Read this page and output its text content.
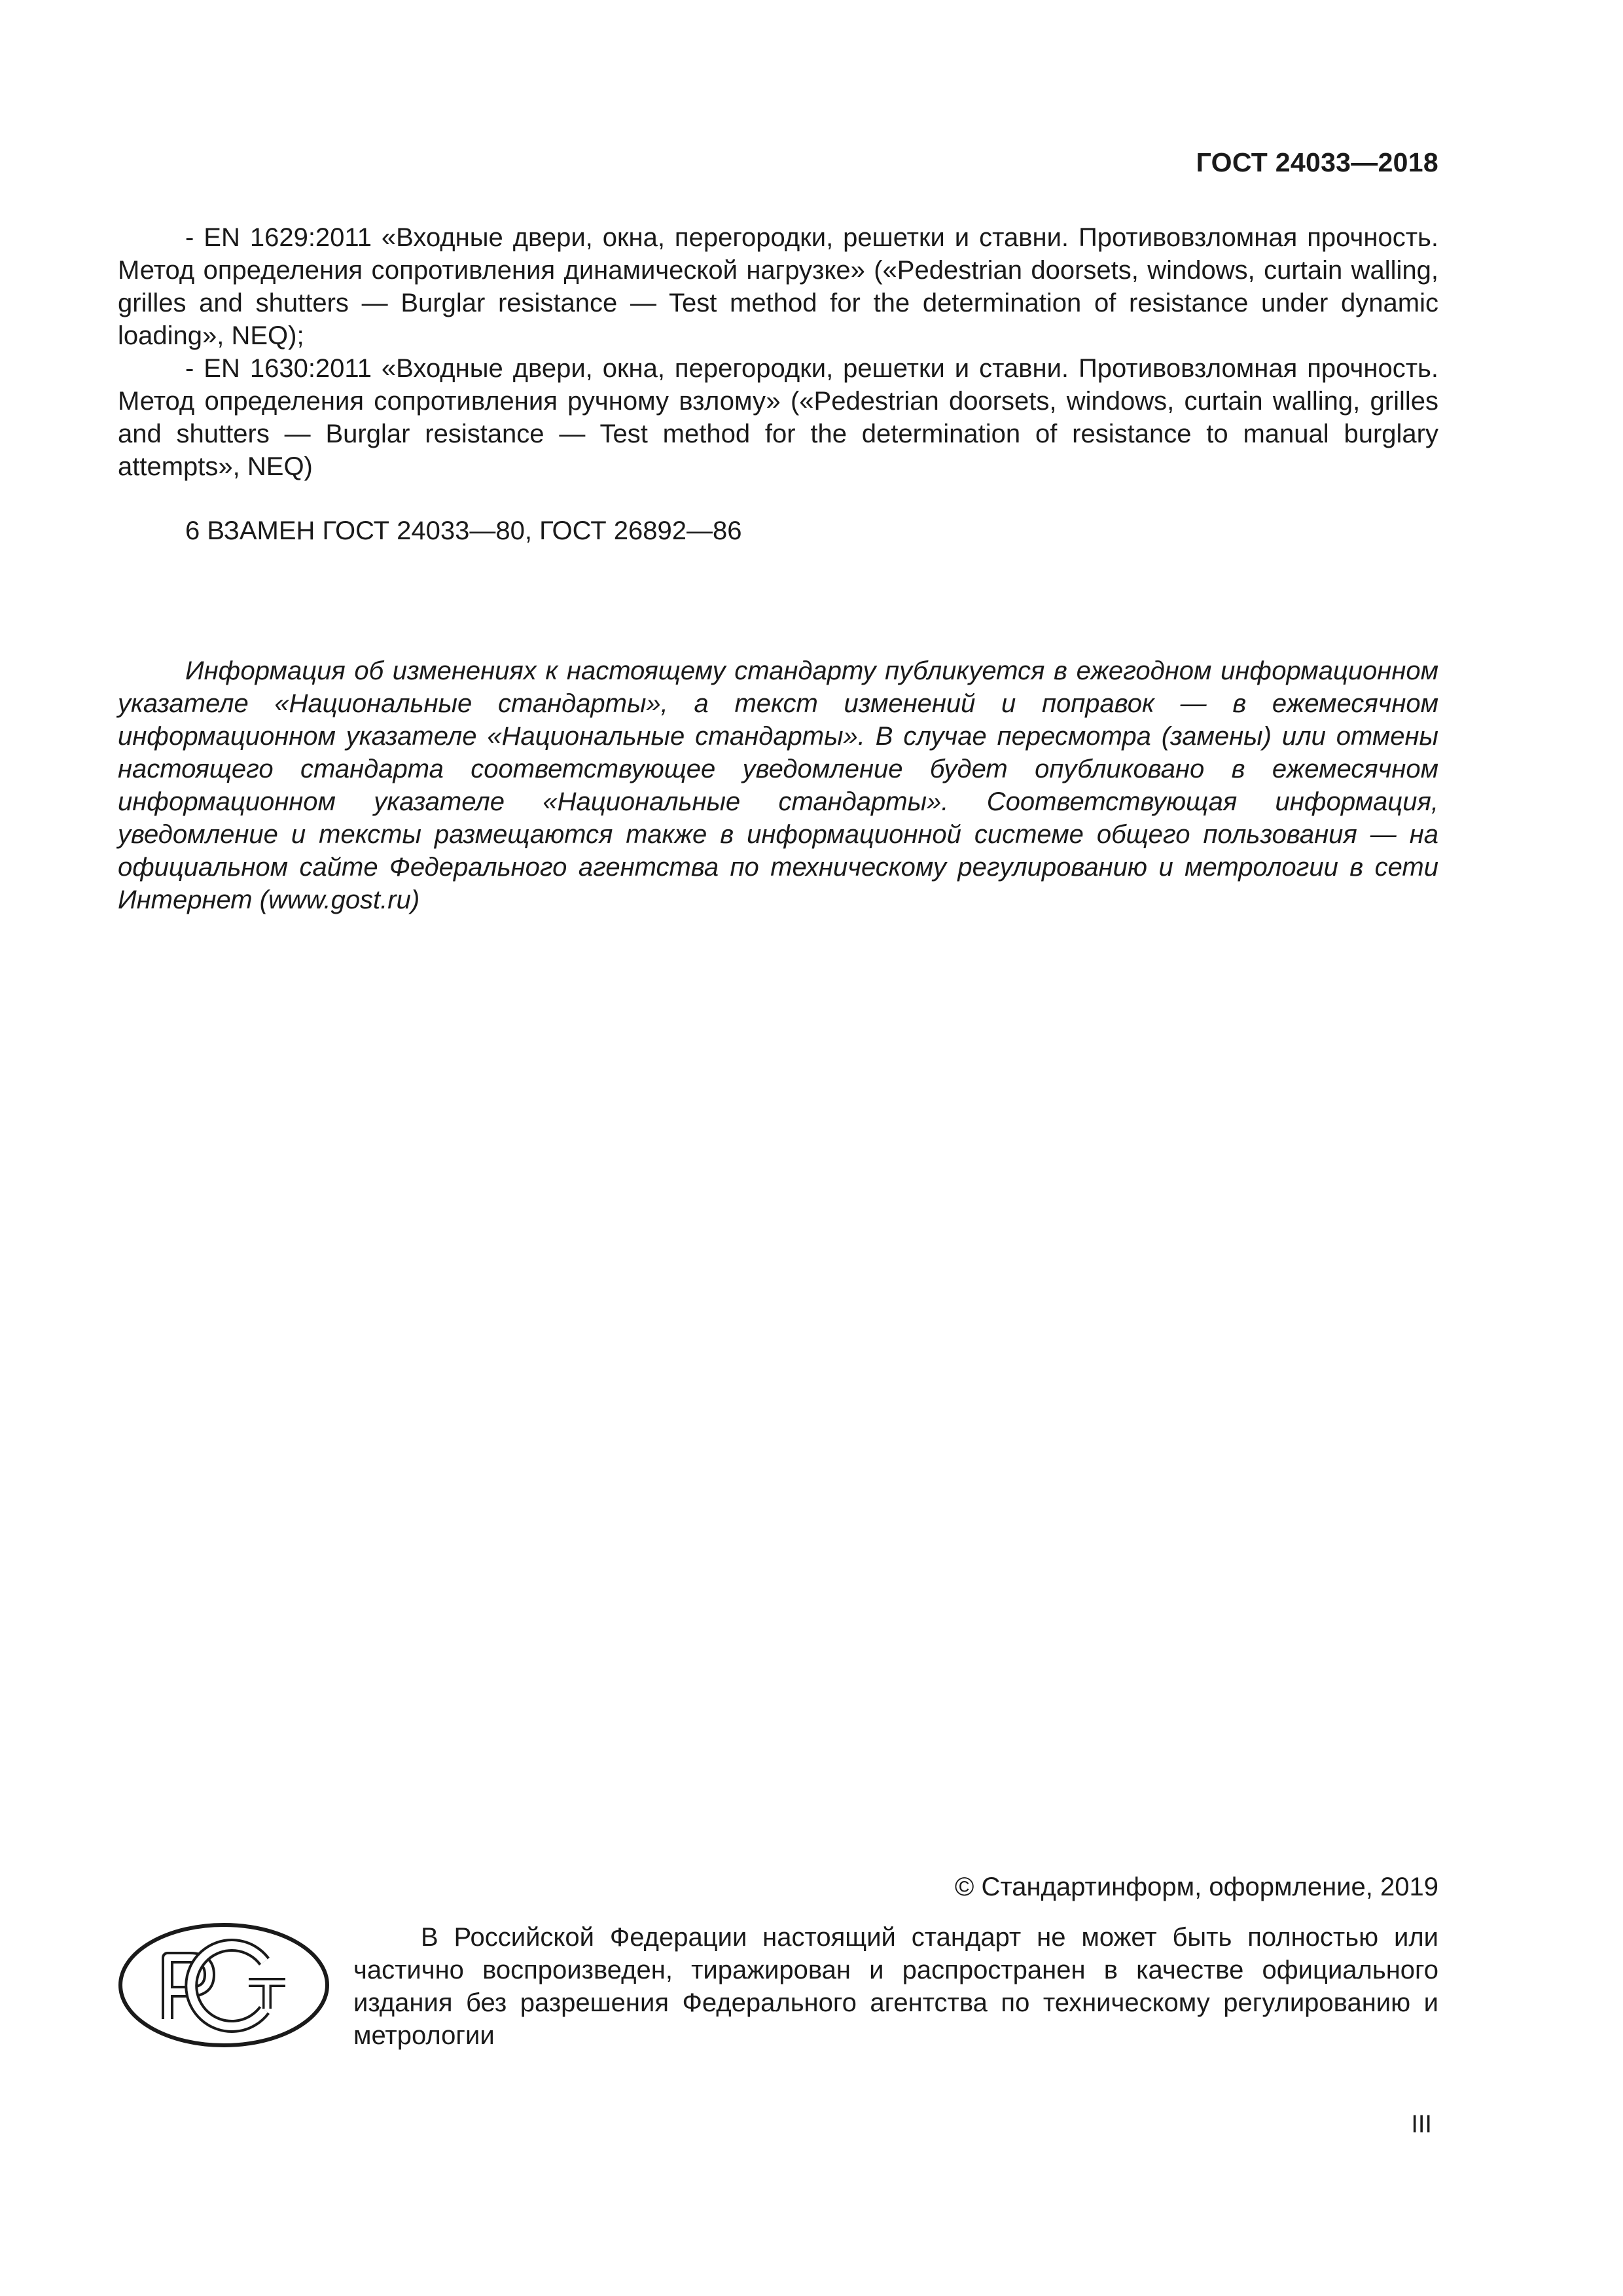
ГОСТ 24033—2018

- EN 1629:2011 «Входные двери, окна, перегородки, решетки и ставни. Противовзломная прочность. Метод определения сопротивления динамической нагрузке» («Pedestrian doorsets, windows, curtain walling, grilles and shutters — Burglar resistance — Test method for the determination of resistance under dynamic loading», NEQ);

- EN 1630:2011 «Входные двери, окна, перегородки, решетки и ставни. Противовзломная прочность. Метод определения сопротивления ручному взлому» («Pedestrian doorsets, windows, curtain walling, grilles and shutters — Burglar resistance — Test method for the determination of resistance to manual burglary attempts», NEQ)

6 ВЗАМЕН ГОСТ 24033—80, ГОСТ 26892—86

Информация об изменениях к настоящему стандарту публикуется в ежегодном информационном указателе «Национальные стандарты», а текст изменений и поправок — в ежемесячном информационном указателе «Национальные стандарты». В случае пересмотра (замены) или отмены настоящего стандарта соответствующее уведомление будет опубликовано в ежемесячном информационном указателе «Национальные стандарты». Соответствующая информация, уведомление и тексты размещаются также в информационной системе общего пользования — на официальном сайте Федерального агентства по техническому регулированию и метрологии в сети Интернет (www.gost.ru)

© Стандартинформ, оформление, 2019

В Российской Федерации настоящий стандарт не может быть полностью или частично воспроизведен, тиражирован и распространен в качестве официального издания без разрешения Федерального агентства по техническому регулированию и метрологии

III
